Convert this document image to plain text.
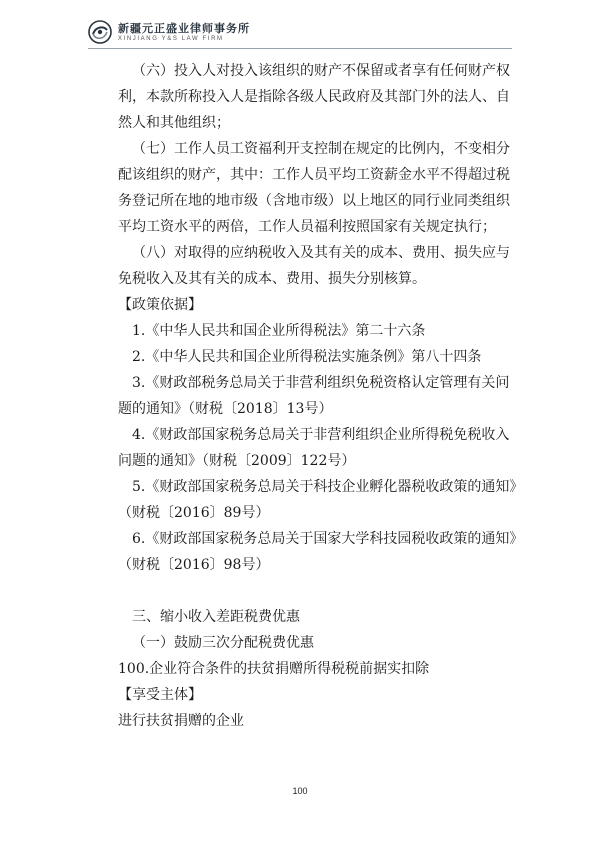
新疆元正盛业律师事务所
XINJIANG Y&S LAW FIRM

（六）投入人对投入该组织的财产不保留或者享有任何财产权利，本款所称投入人是指除各级人民政府及其部门外的法人、自然人和其他组织；

（七）工作人员工资福利开支控制在规定的比例内，不变相分配该组织的财产，其中：工作人员平均工资薪金水平不得超过税务登记所在地的地市级（含地市级）以上地区的同行业同类组织平均工资水平的两倍，工作人员福利按照国家有关规定执行；

（八）对取得的应纳税收入及其有关的成本、费用、损失应与免税收入及其有关的成本、费用、损失分别核算。

【政策依据】

1.《中华人民共和国企业所得税法》第二十六条

2.《中华人民共和国企业所得税法实施条例》第八十四条

3.《财政部税务总局关于非营利组织免税资格认定管理有关问题的通知》（财税〔2018〕13号）

4.《财政部国家税务总局关于非营利组织企业所得税免税收入问题的通知》（财税〔2009〕122号）

5.《财政部国家税务总局关于科技企业孵化器税收政策的通知》（财税〔2016〕89号）

6.《财政部国家税务总局关于国家大学科技园税收政策的通知》（财税〔2016〕98号）

三、缩小收入差距税费优惠

（一）鼓励三次分配税费优惠

100.企业符合条件的扶贫捐赠所得税税前据实扣除

【享受主体】

进行扶贫捐赠的企业

100
